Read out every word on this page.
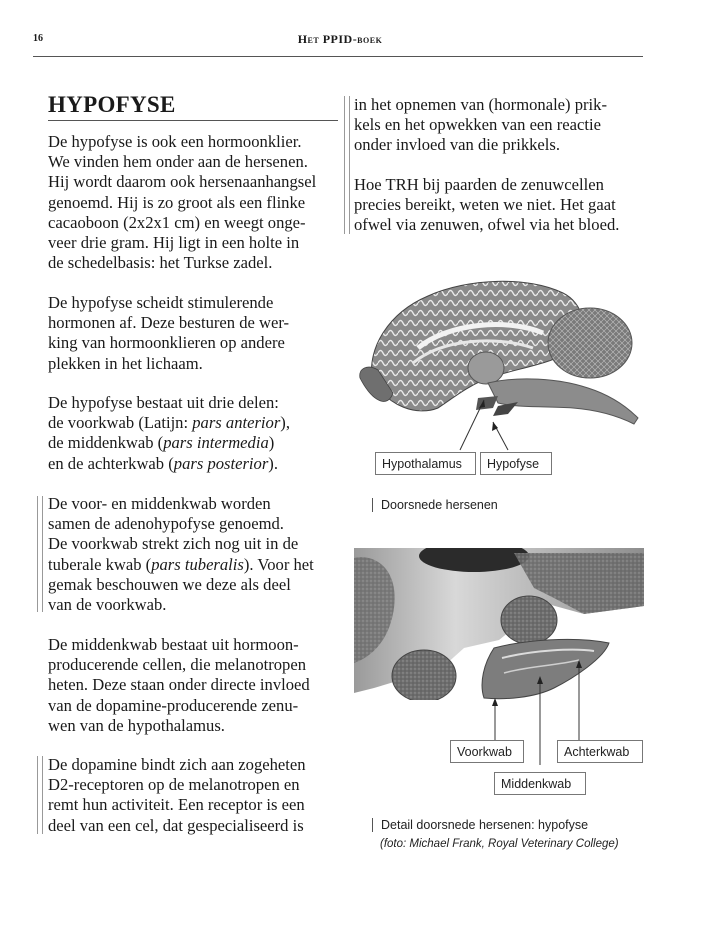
16	Het PPID-boek
HYPOFYSE
De hypofyse is ook een hormoonklier.
We vinden hem onder aan de hersenen.
Hij wordt daarom ook hersenaanhangsel
genoemd. Hij is zo groot als een flinke
cacaoboon (2x2x1 cm) en weegt onge-
veer drie gram. Hij ligt in een holte in
de schedelbasis: het Turkse zadel.
De hypofyse scheidt stimulerende
hormonen af. Deze besturen de wer-
king van hormoonklieren op andere
plekken in het lichaam.
De hypofyse bestaat uit drie delen:
de voorkwab (Latijn: pars anterior),
de middenkwab (pars intermedia)
en de achterkwab (pars posterior).
De voor- en middenkwab worden
samen de adenohypofyse genoemd.
De voorkwab strekt zich nog uit in de
tuberale kwab (pars tuberalis). Voor het
gemak beschouwen we deze als deel
van de voorkwab.
De middenkwab bestaat uit hormoon-
producerende cellen, die melanotropen
heten. Deze staan onder directe invloed
van de dopamine-producerende zenu-
wen van de hypothalamus.
De dopamine bindt zich aan zogeheten
D2-receptoren op de melanotropen en
remt hun activiteit. Een receptor is een
deel van een cel, dat gespecialiseerd is
in het opnemen van (hormonale) prik-
kels en het opwekken van een reactie
onder invloed van die prikkels.
Hoe TRH bij paarden de zenuwcellen
precies bereikt, weten we niet. Het gaat
ofwel via zenuwen, ofwel via het bloed.
Hypothalamus	Hypofyse
Doorsnede hersenen
Voorkwab	Achterkwab
Middenkwab
Detail doorsnede hersenen: hypofyse
(foto: Michael Frank, Royal Veterinary College)
